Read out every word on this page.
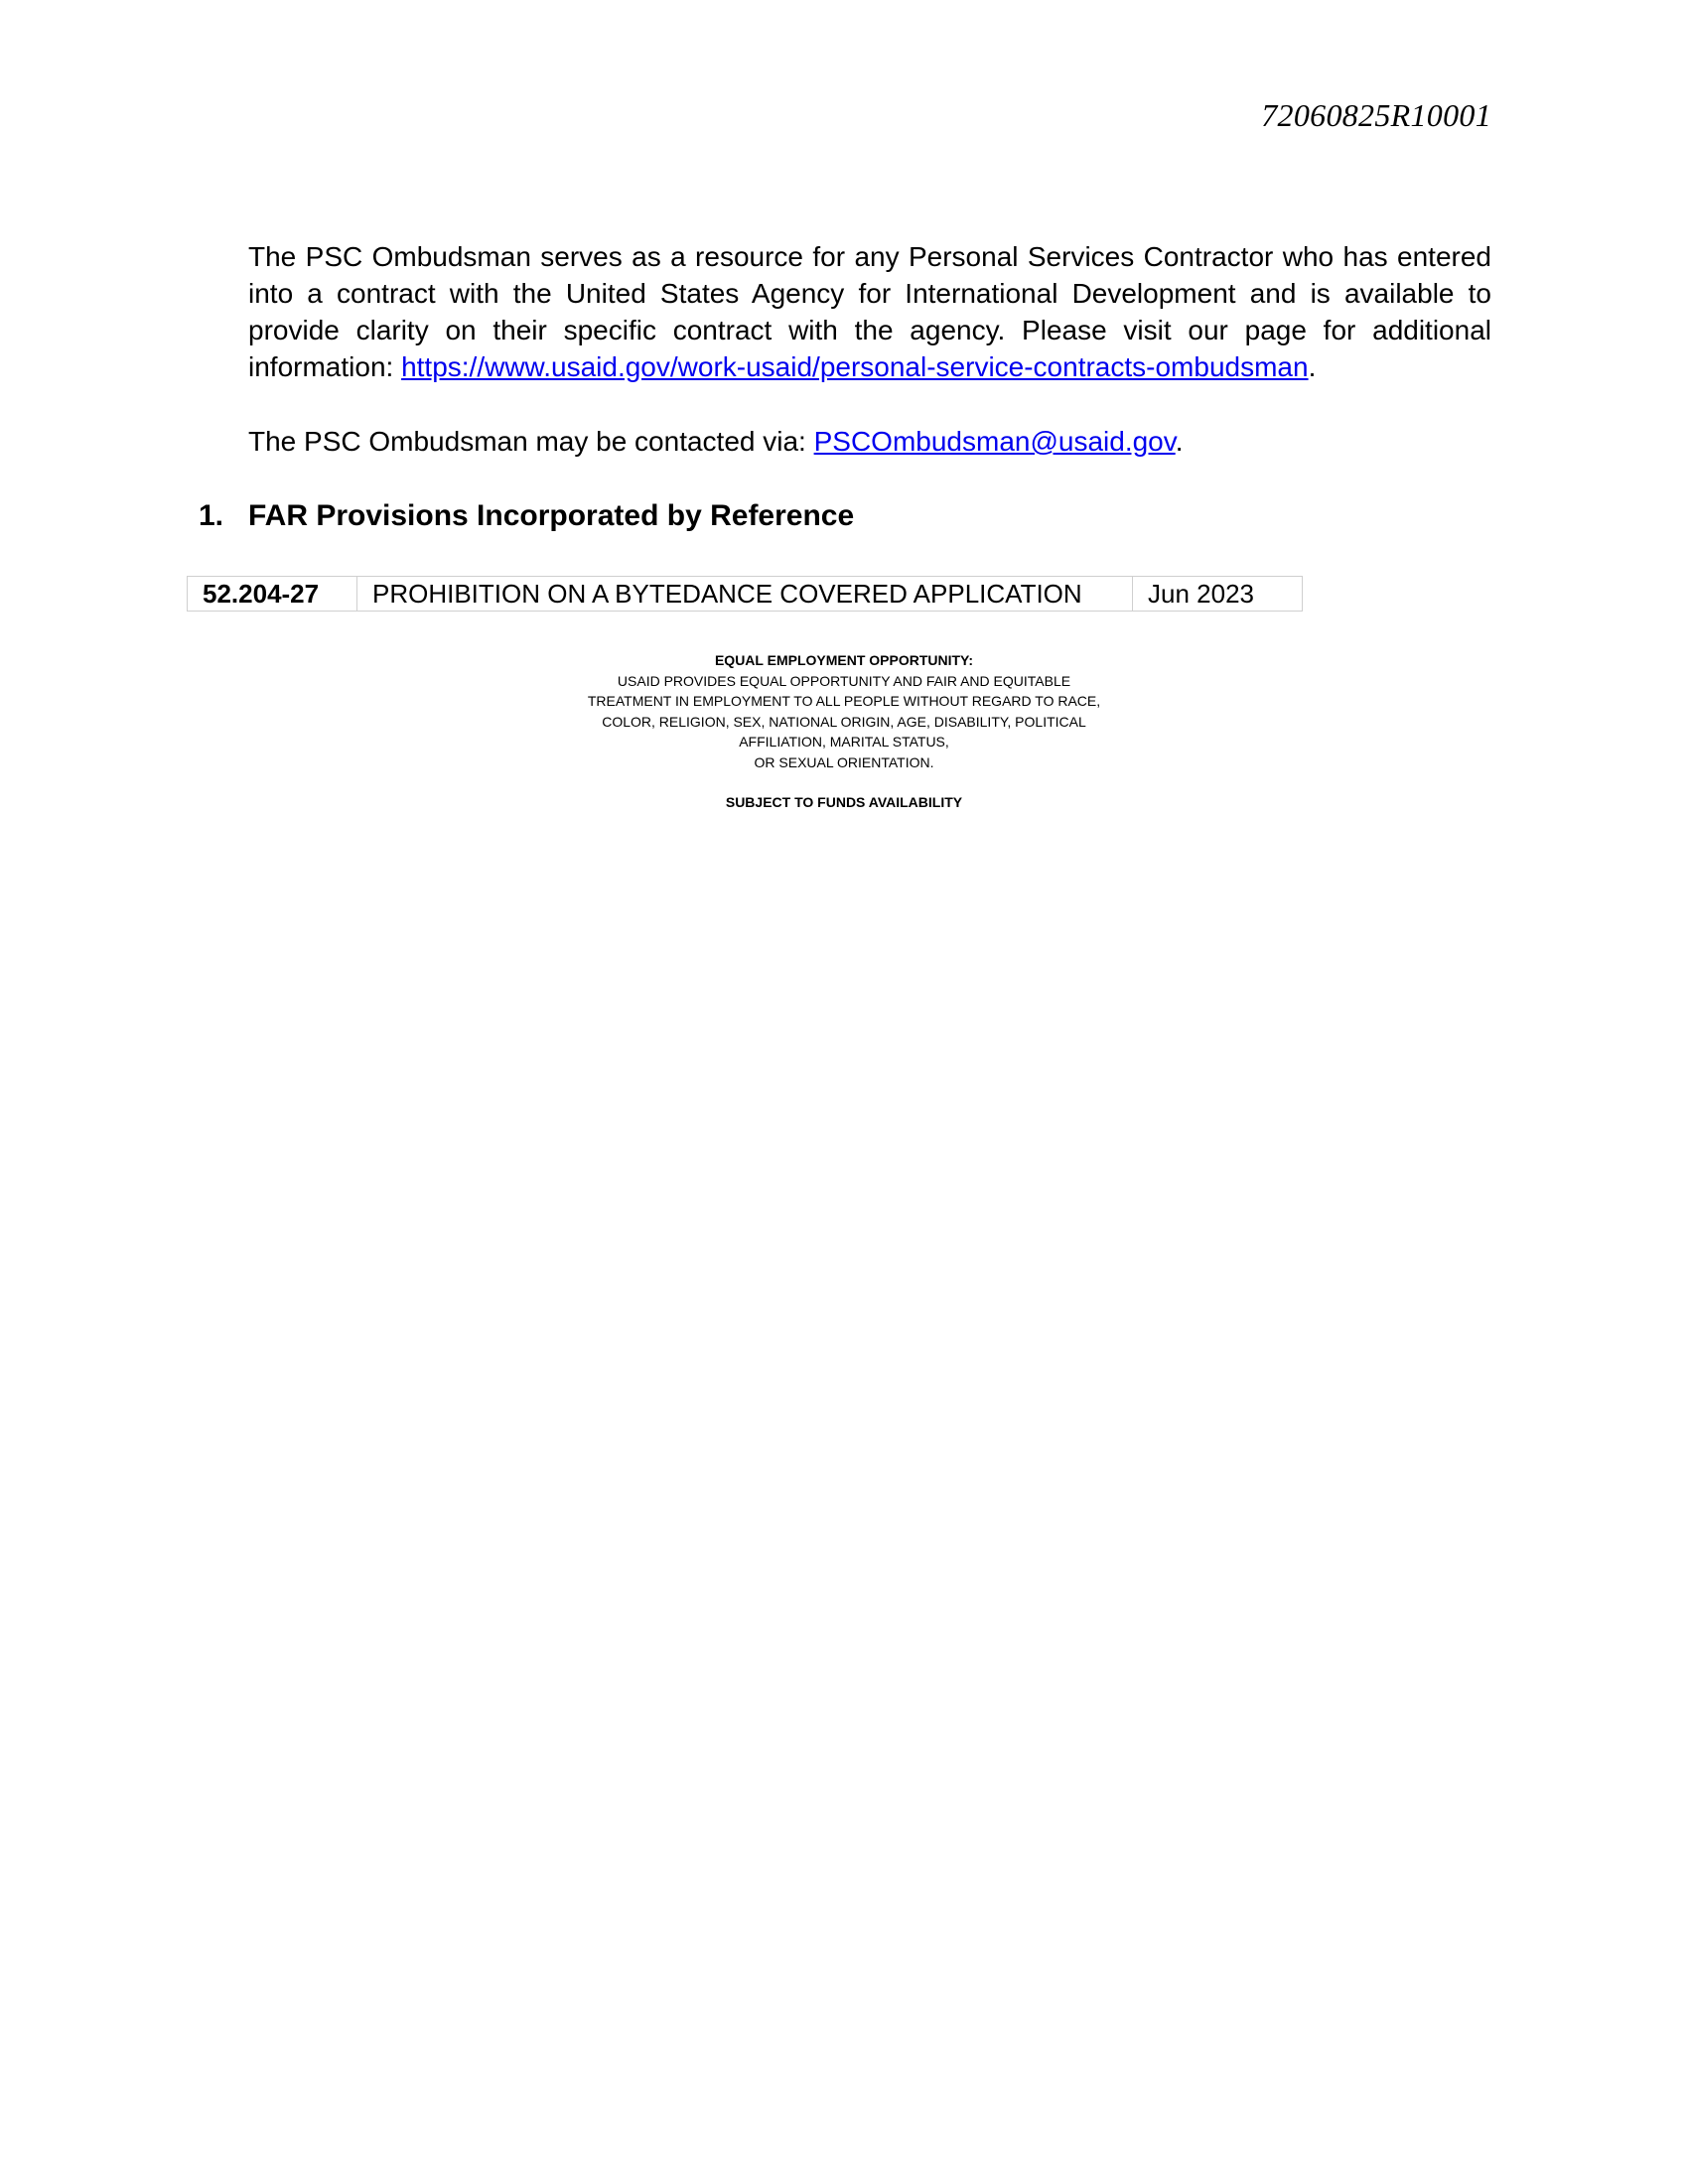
72060825R10001
The PSC Ombudsman serves as a resource for any Personal Services Contractor who has entered into a contract with the United States Agency for International Development and is available to provide clarity on their specific contract with the agency. Please visit our page for additional information: https://www.usaid.gov/work-usaid/personal-service-contracts-ombudsman.
The PSC Ombudsman may be contacted via: PSCOmbudsman@usaid.gov.
1. FAR Provisions Incorporated by Reference
52.204-27	PROHIBITION ON A BYTEDANCE COVERED APPLICATION	Jun 2023
EQUAL EMPLOYMENT OPPORTUNITY:
USAID PROVIDES EQUAL OPPORTUNITY AND FAIR AND EQUITABLE
TREATMENT IN EMPLOYMENT TO ALL PEOPLE WITHOUT REGARD TO RACE,
COLOR, RELIGION, SEX, NATIONAL ORIGIN, AGE, DISABILITY, POLITICAL
AFFILIATION, MARITAL STATUS,
OR SEXUAL ORIENTATION.
SUBJECT TO FUNDS AVAILABILITY
